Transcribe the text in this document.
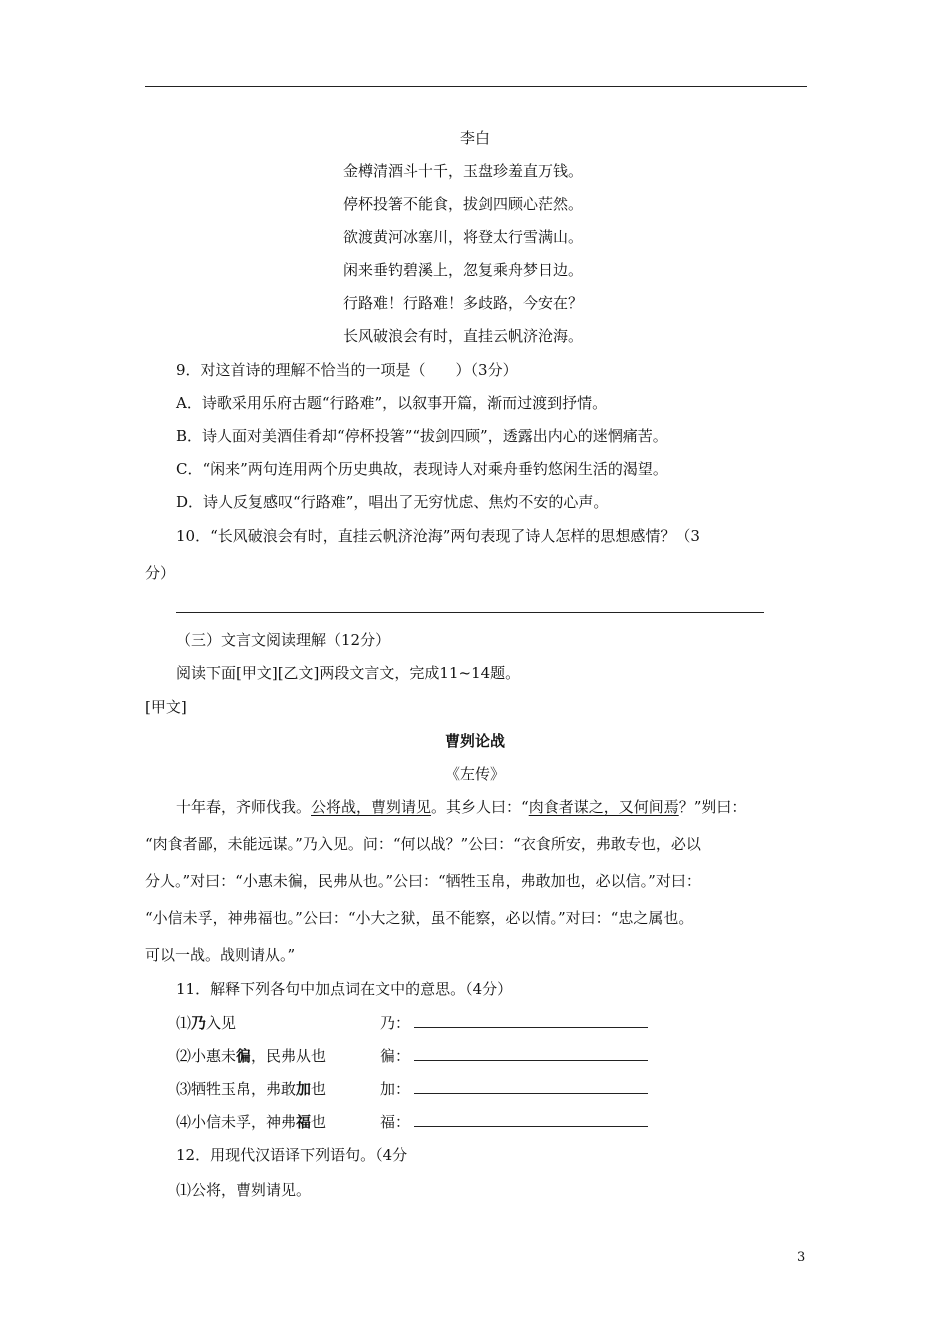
李白
金樽清酒斗十千，玉盘珍羞直万钱。
停杯投箸不能食，拔剑四顾心茫然。
欲渡黄河冰塞川，将登太行雪满山。
闲来垂钓碧溪上，忽复乘舟梦日边。
行路难！行路难！多歧路，今安在？
长风破浪会有时，直挂云帆济沧海。
9．对这首诗的理解不恰当的一项是（　　）（3分）
A．诗歌采用乐府古题“行路难”，以叙事开篇，渐而过渡到抒情。
B．诗人面对美酒佳肴却“停杯投箸”“拔剑四顾”，透露出内心的迷惘痛苦。
C．“闲来”两句连用两个历史典故，表现诗人对乘舟垂钓悠闲生活的渴望。
D．诗人反复感叹“行路难”，唱出了无穷忧虑、焦灼不安的心声。
10．“长风破浪会有时，直挂云帆济沧海”两句表现了诗人怎样的思想感情？（3
分）
（三）文言文阅读理解（12分）
阅读下面[甲文][乙文]两段文言文，完成11~14题。
[甲文]
曹刿论战
《左传》
十年春，齐师伐我。公将战，曹刿请见。其乡人曰：“肉食者谋之，又何间焉？”刿曰：
“肉食者鄙，未能远谋。”乃入见。问：“何以战？”公曰：“衣食所安，弗敢专也，必以
分人。”对曰：“小惠未徧，民弗从也。”公曰：“牺牲玉帛，弗敢加也，必以信。”对曰：
“小信未孚，神弗福也。”公曰：“小大之狱，虽不能察，必以情。”对曰：“忠之属也。
可以一战。战则请从。”
11．解释下列各句中加点词在文中的意思。（4分）
⑴乃入见	乃：
⑵小惠未徧，民弗从也	徧：
⑶牺牲玉帛，弗敢加也	加：
⑷小信未孚，神弗福也	福：
12．用现代汉语译下列语句。（4分
⑴公将，曹刿请见。
3
